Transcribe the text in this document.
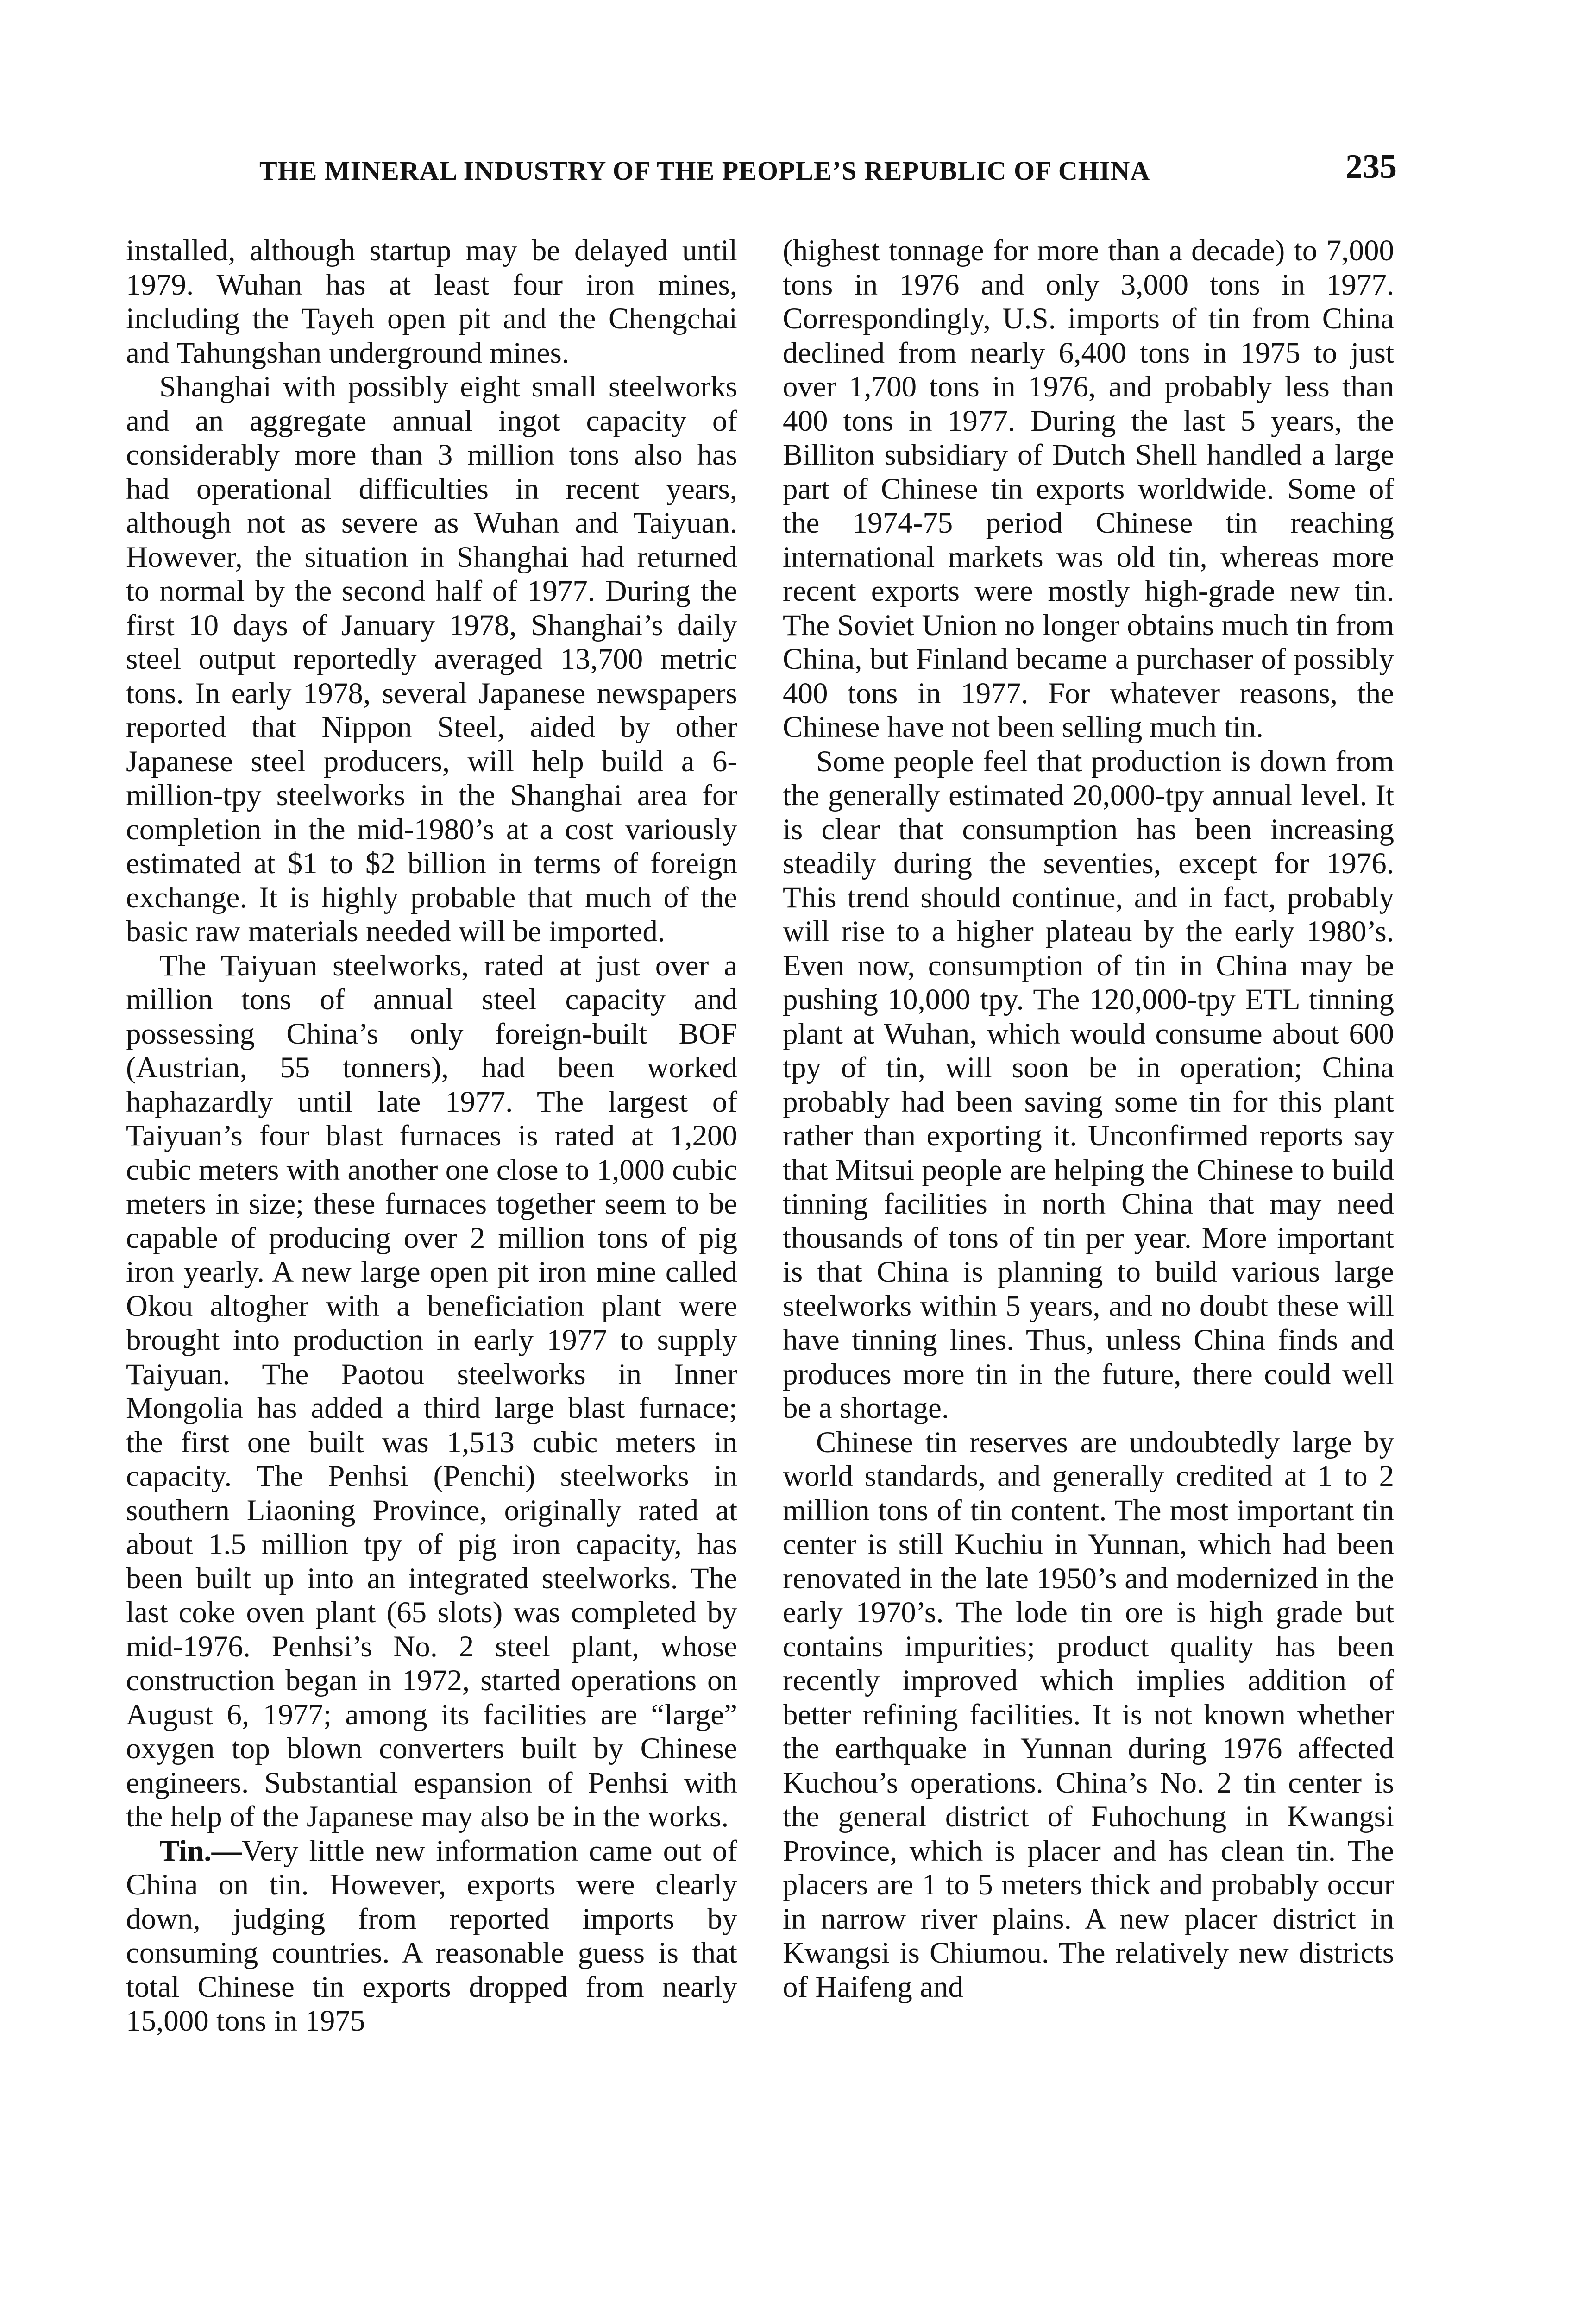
THE MINERAL INDUSTRY OF THE PEOPLE’S REPUBLIC OF CHINA	235

installed, although startup may be delayed until 1979. Wuhan has at least four iron mines, including the Tayeh open pit and the Chengchai and Tahungshan underground mines.

Shanghai with possibly eight small steelworks and an aggregate annual ingot capacity of considerably more than 3 million tons also has had operational difficulties in recent years, although not as severe as Wuhan and Taiyuan. However, the situation in Shanghai had returned to normal by the second half of 1977. During the first 10 days of January 1978, Shanghai’s daily steel output reportedly averaged 13,700 metric tons. In early 1978, several Japanese newspapers reported that Nippon Steel, aided by other Japanese steel producers, will help build a 6-million-tpy steelworks in the Shanghai area for completion in the mid-1980’s at a cost variously estimated at $1 to $2 billion in terms of foreign exchange. It is highly probable that much of the basic raw materials needed will be imported.

The Taiyuan steelworks, rated at just over a million tons of annual steel capacity and possessing China’s only foreign-built BOF (Austrian, 55 tonners), had been worked haphazardly until late 1977. The largest of Taiyuan’s four blast furnaces is rated at 1,200 cubic meters with another one close to 1,000 cubic meters in size; these furnaces together seem to be capable of producing over 2 million tons of pig iron yearly. A new large open pit iron mine called Okou altogher with a beneficiation plant were brought into production in early 1977 to supply Taiyuan. The Paotou steelworks in Inner Mongolia has added a third large blast furnace; the first one built was 1,513 cubic meters in capacity. The Penhsi (Penchi) steelworks in southern Liaoning Province, originally rated at about 1.5 million tpy of pig iron capacity, has been built up into an integrated steelworks. The last coke oven plant (65 slots) was completed by mid-1976. Penhsi’s No. 2 steel plant, whose construction began in 1972, started operations on August 6, 1977; among its facilities are “large” oxygen top blown converters built by Chinese engineers. Substantial espansion of Penhsi with the help of the Japanese may also be in the works.

Tin.—Very little new information came out of China on tin. However, exports were clearly down, judging from reported imports by consuming countries. A reasonable guess is that total Chinese tin exports dropped from nearly 15,000 tons in 1975

(highest tonnage for more than a decade) to 7,000 tons in 1976 and only 3,000 tons in 1977. Correspondingly, U.S. imports of tin from China declined from nearly 6,400 tons in 1975 to just over 1,700 tons in 1976, and probably less than 400 tons in 1977. During the last 5 years, the Billiton subsidiary of Dutch Shell handled a large part of Chinese tin exports worldwide. Some of the 1974-75 period Chinese tin reaching international markets was old tin, whereas more recent exports were mostly high-grade new tin. The Soviet Union no longer obtains much tin from China, but Finland became a purchaser of possibly 400 tons in 1977. For whatever reasons, the Chinese have not been selling much tin.

Some people feel that production is down from the generally estimated 20,000-tpy annual level. It is clear that consumption has been increasing steadily during the seventies, except for 1976. This trend should continue, and in fact, probably will rise to a higher plateau by the early 1980’s. Even now, consumption of tin in China may be pushing 10,000 tpy. The 120,000-tpy ETL tinning plant at Wuhan, which would consume about 600 tpy of tin, will soon be in operation; China probably had been saving some tin for this plant rather than exporting it. Unconfirmed reports say that Mitsui people are helping the Chinese to build tinning facilities in north China that may need thousands of tons of tin per year. More important is that China is planning to build various large steelworks within 5 years, and no doubt these will have tinning lines. Thus, unless China finds and produces more tin in the future, there could well be a shortage.

Chinese tin reserves are undoubtedly large by world standards, and generally credited at 1 to 2 million tons of tin content. The most important tin center is still Kuchiu in Yunnan, which had been renovated in the late 1950’s and modernized in the early 1970’s. The lode tin ore is high grade but contains impurities; product quality has been recently improved which implies addition of better refining facilities. It is not known whether the earthquake in Yunnan during 1976 affected Kuchou’s operations. China’s No. 2 tin center is the general district of Fuhochung in Kwangsi Province, which is placer and has clean tin. The placers are 1 to 5 meters thick and probably occur in narrow river plains. A new placer district in Kwangsi is Chiumou. The relatively new districts of Haifeng and
